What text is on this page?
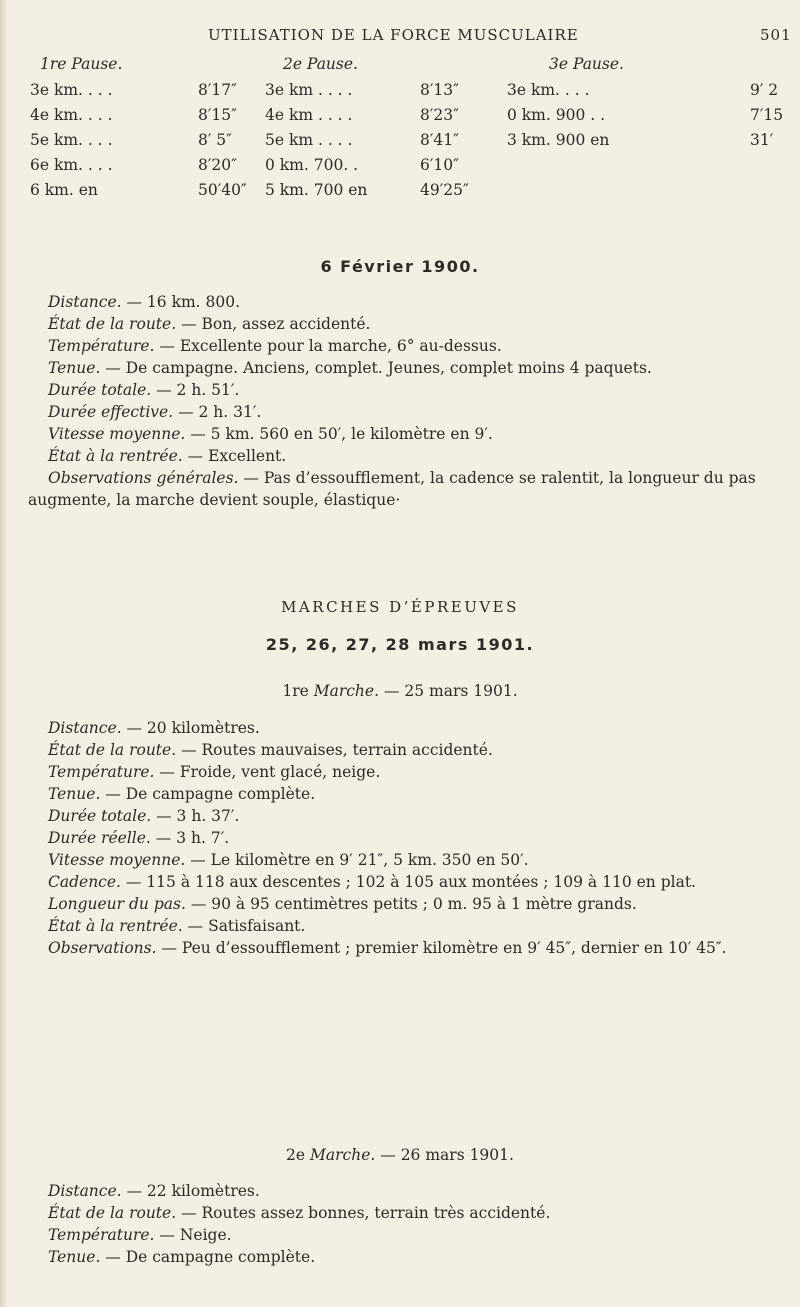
UTILISATION DE LA FORCE MUSCULAIRE	501
1re Pause.
3e km. . . .	8′17″
4e km. . . .	8′15″
5e km. . . .	8′ 5″
6e km. . . .	8′20″
6 km. en	50′40″
2e Pause.
3e km . . . .	8′13″
4e km . . . .	8′23″
5e km . . . .	8′41″
0 km. 700. .	6′10″
5 km. 700 en	49′25″
3e Pause.
3e km. . . .	9′ 2
0 km. 900 . .	7′15
3 km. 900 en	31′
6 Février 1900.

Distance. — 16 km. 800.

État de la route. — Bon, assez accidenté.

Température. — Excellente pour la marche, 6° au-dessus.

Tenue. — De campagne. Anciens, complet. Jeunes, complet moins 4 paquets.

Durée totale. — 2 h. 51′.

Durée effective. — 2 h. 31′.

Vitesse moyenne. — 5 km. 560 en 50′, le kilomètre en 9′.

État à la rentrée. — Excellent.

Observations générales. — Pas d’essoufflement, la cadence se ralentit, la longueur du pas augmente, la marche devient souple, élastique·

MARCHES D’ÉPREUVES
25, 26, 27, 28 mars 1901.
1re Marche. — 25 mars 1901.

Distance. — 20 kilomètres.

État de la route. — Routes mauvaises, terrain accidenté.

Température. — Froide, vent glacé, neige.

Tenue. — De campagne complète.

Durée totale. — 3 h. 37′.

Durée réelle. — 3 h. 7′.

Vitesse moyenne. — Le kilomètre en 9′ 21″, 5 km. 350 en 50′.

Cadence. — 115 à 118 aux descentes ; 102 à 105 aux montées ; 109 à 110 en plat.

Longueur du pas. — 90 à 95 centimètres petits ; 0 m. 95 à 1 mètre grands.

État à la rentrée. — Satisfaisant.

Observations. — Peu d’essoufflement ; premier kilomètre en 9′ 45″, dernier en 10′ 45″.

2e Marche. — 26 mars 1901.

Distance. — 22 kilomètres.

État de la route. — Routes assez bonnes, terrain très accidenté.

Température. — Neige.

Tenue. — De campagne complète.
